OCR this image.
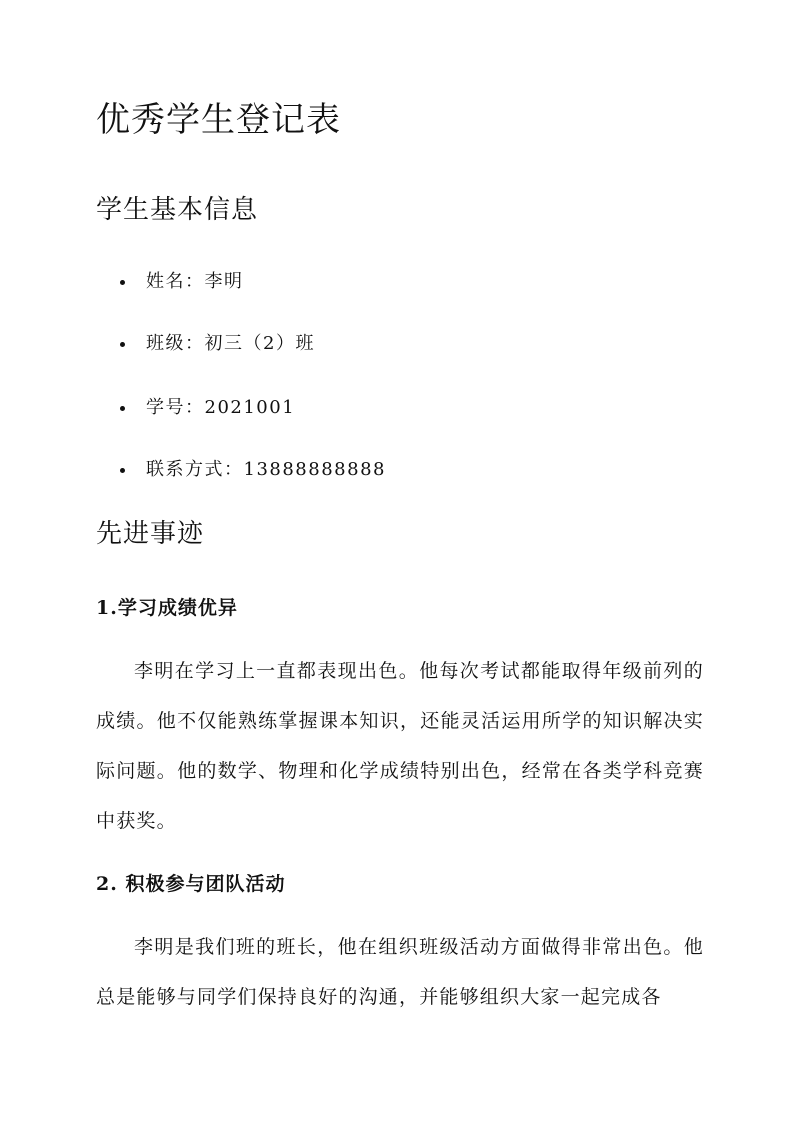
优秀学生登记表
学生基本信息
姓名：李明
班级：初三（2）班
学号：2021001
联系方式：13888888888
先进事迹
1.学习成绩优异

李明在学习上一直都表现出色。他每次考试都能取得年级前列的成绩。他不仅能熟练掌握课本知识，还能灵活运用所学的知识解决实际问题。他的数学、物理和化学成绩特别出色，经常在各类学科竞赛中获奖。

2. 积极参与团队活动

李明是我们班的班长，他在组织班级活动方面做得非常出色。他总是能够与同学们保持良好的沟通，并能够组织大家一起完成各
